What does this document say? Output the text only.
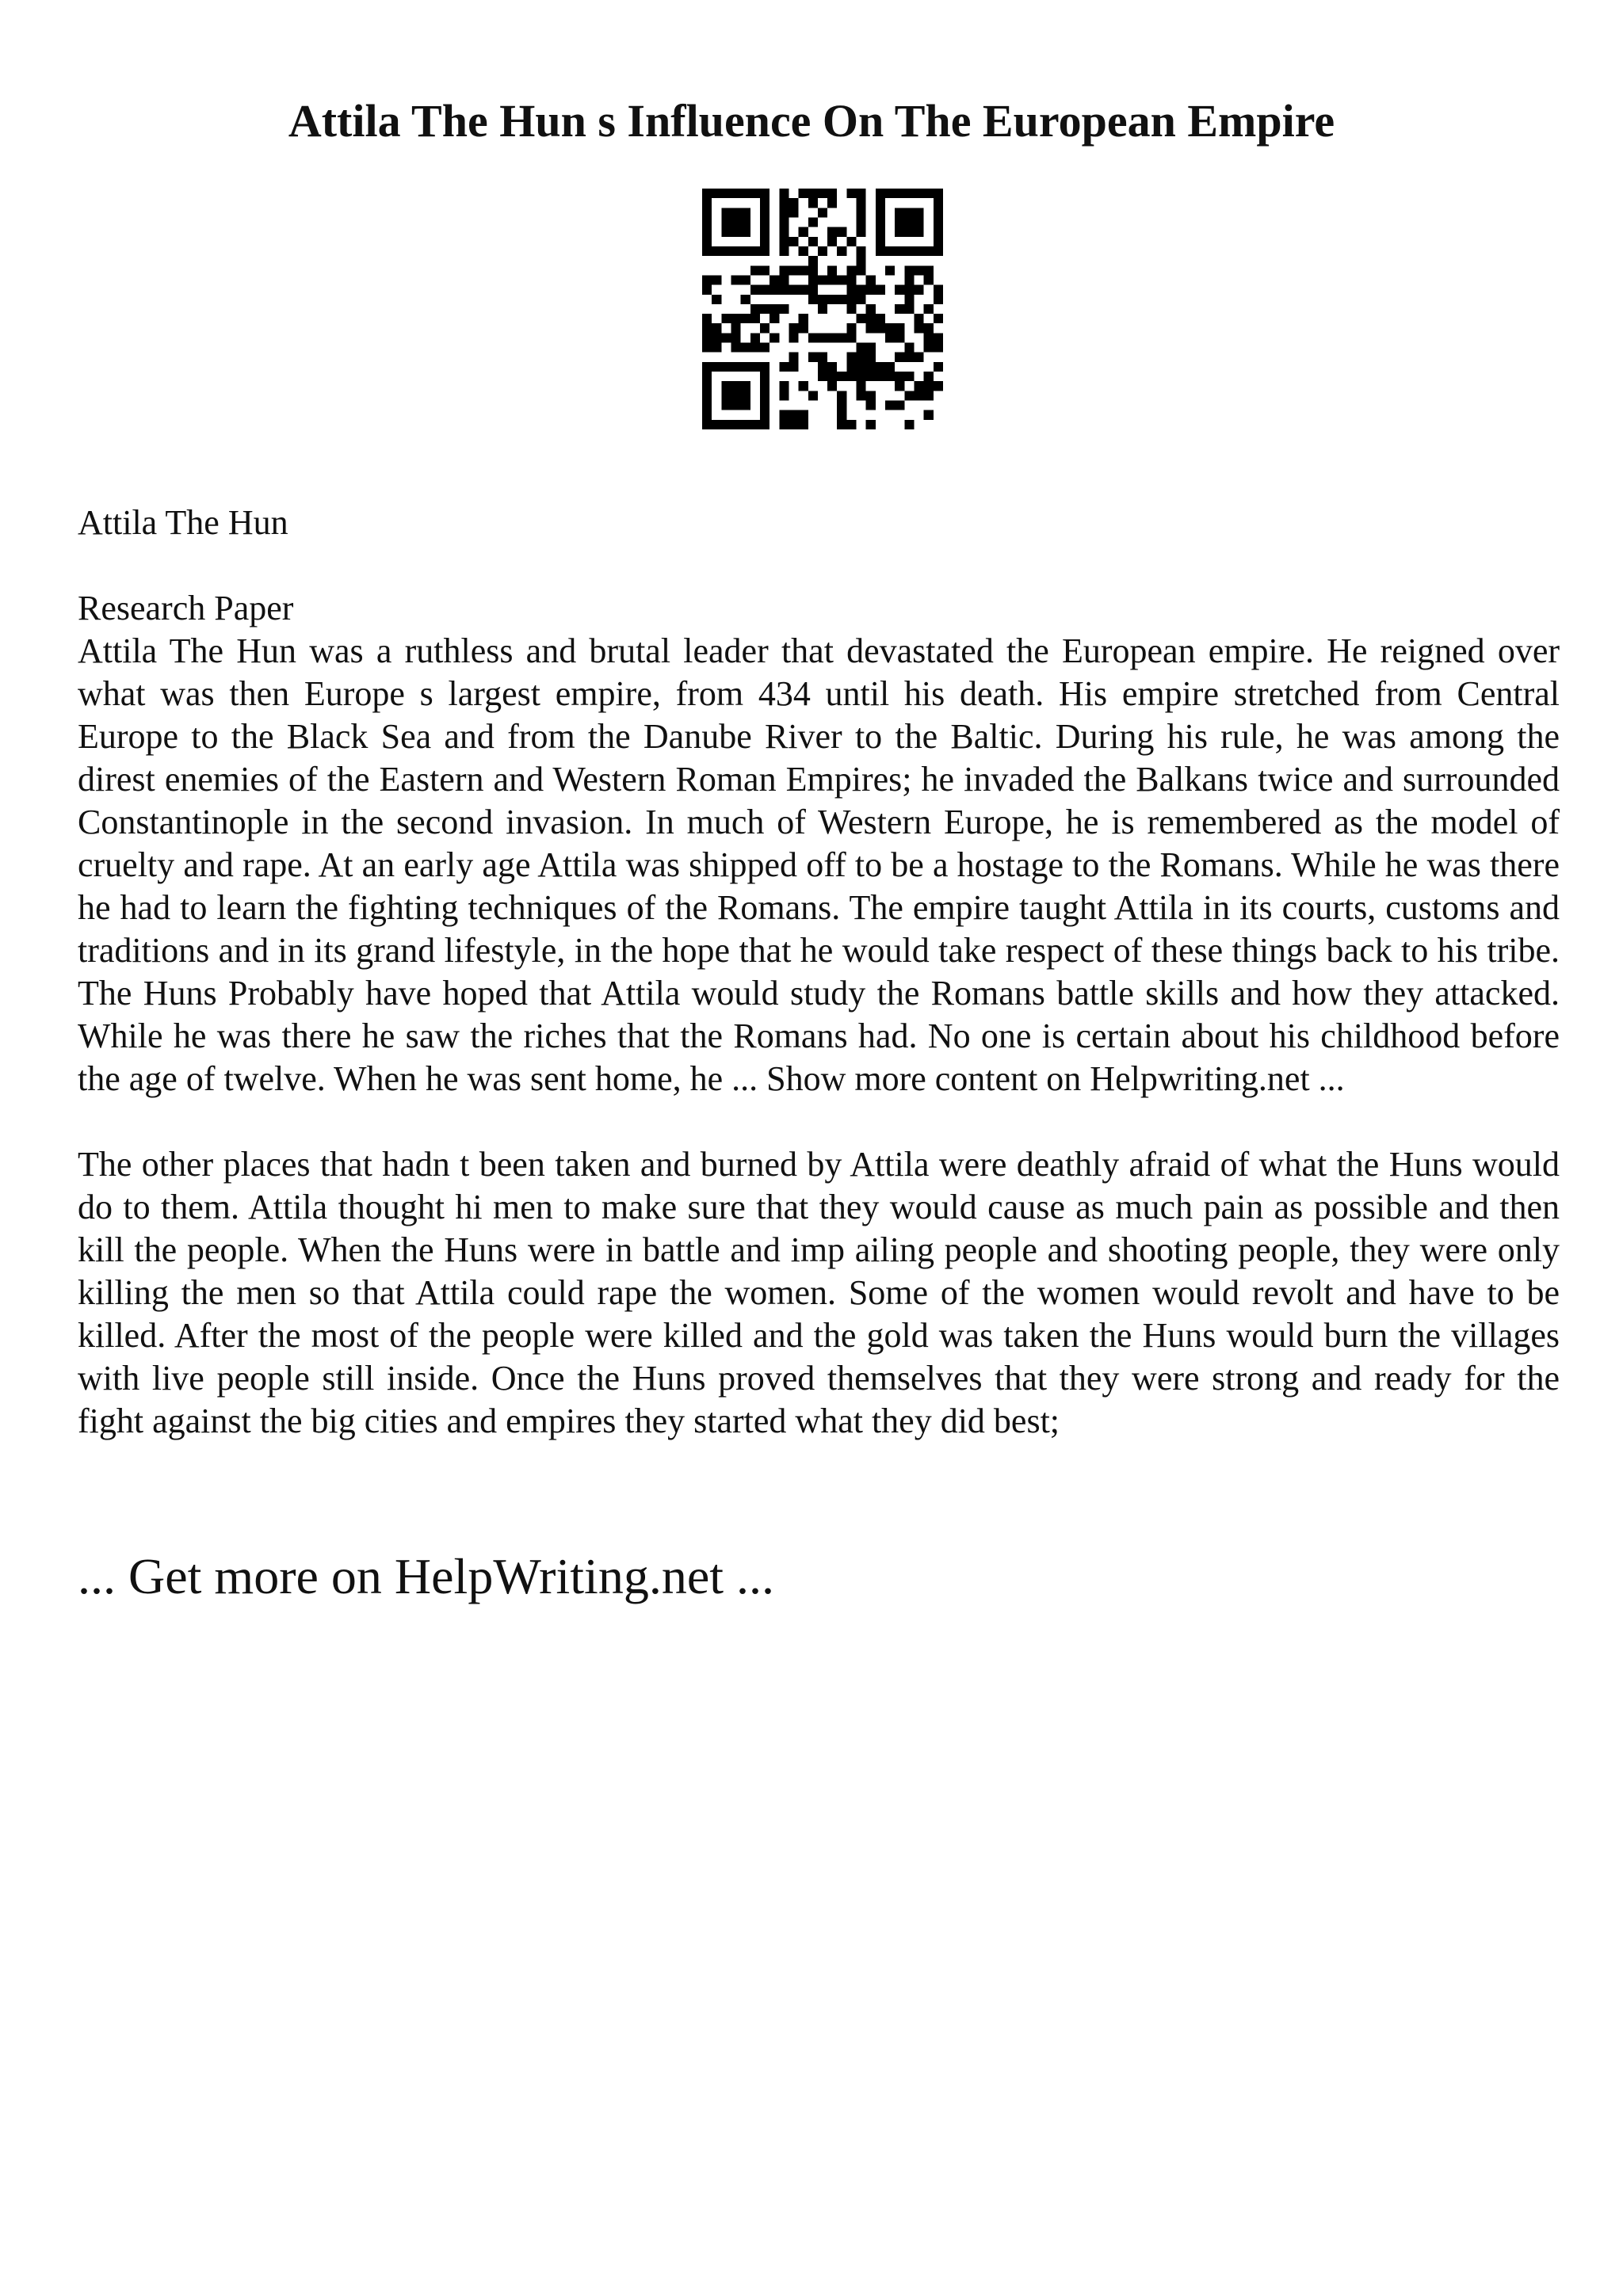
Attila The Hun s Influence On The European Empire

Attila The Hun

Research Paper

Attila The Hun was a ruthless and brutal leader that devastated the European empire. He reigned over what was then Europe s largest empire, from 434 until his death. His empire stretched from Central Europe to the Black Sea and from the Danube River to the Baltic. During his rule, he was among the direst enemies of the Eastern and Western Roman Empires; he invaded the Balkans twice and surrounded Constantinople in the second invasion. In much of Western Europe, he is remembered as the model of cruelty and rape. At an early age Attila was shipped off to be a hostage to the Romans. While he was there he had to learn the fighting techniques of the Romans. The empire taught Attila in its courts, customs and traditions and in its grand lifestyle, in the hope that he would take respect of these things back to his tribe. The Huns Probably have hoped that Attila would study the Romans battle skills and how they attacked. While he was there he saw the riches that the Romans had. No one is certain about his childhood before the age of twelve. When he was sent home, he ... Show more content on Helpwriting.net ...

The other places that hadn t been taken and burned by Attila were deathly afraid of what the Huns would do to them. Attila thought hi men to make sure that they would cause as much pain as possible and then kill the people. When the Huns were in battle and imp ailing people and shooting people, they were only killing the men so that Attila could rape the women. Some of the women would revolt and have to be killed. After the most of the people were killed and the gold was taken the Huns would burn the villages with live people still inside. Once the Huns proved themselves that they were strong and ready for the fight against the big cities and empires they started what they did best;

... Get more on HelpWriting.net ...
